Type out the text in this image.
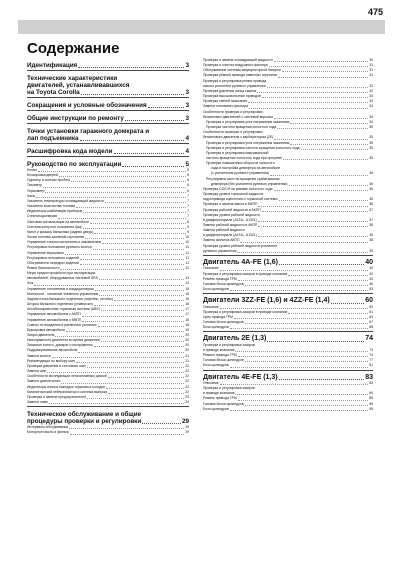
475
Содержание
Идентификация	3
Технические характеристики
двигателей, устанавливавшихся
на Toyota Corolla	3
Сокращения и условные обозначения	3
Общие инструкции по ремонту	3
Точки установки гаражного домкрата и
лап подъемника	4
Расшифровка кода модели	4
Руководство по эксплуатации	5
Ключи	5
Блокировка дверей	6
Одометр и счетчик пробега	6
Тахометр	6
Термометр	6
Часы	7
Указатель температуры охлаждающей жидкости	7
Указатель количества топлива	7
Индикаторы комбинации приборов	7
Стеклоподъемники	7
Световая сигнализация на автомобиле	8
Система контроля положения фар	9
Капот и крышка багажника (задняя дверь)	9
Лючок топливо-заливной горловины	10
Управление стеклоочистителем и омывателем	10
Регулировка положения рулевого колеса	11
Управление зеркалами	11
Регулировка положения сидений	11
Обогреватель передних сидений	11
Ремни безопасности	12
Меры предосторожности при эксплуатации
автомобилей, оборудованных системой SRS	13
Люк	14
Управление отопителем и кондиционером	15
Магнитола - основные элементы управления	15
Задняя полка багажного отделения (лифтбэк, хэтчбэк)	16
Шторка багажного отделения (универсал)	16
Антиблокировочная тормозная система (ABS)	17
Управление автомобилем с АКПП	17
Управление автомобилем с МКПП	18
Советы по вождению в различных условиях	18
Буксировка автомобиля	19
Запуск двигателя	20
Неисправности двигателя во время движения	20
Запасное колесо, домкрат и инструменты	20
Поддомкрачивание автомобиля	20
Замена колеса	21
Рекомендации по выбору шин	21
Проверка давления и состояния шин	22
Замена шин	22
Особенности эксплуатации легкосплавных дисков	22
Замена дисков колес	22
Индикаторы износа накладок тормозных колодок	22
Каталитический нейтрализатор и система выпуска	22
Проверка и замена предохранителей	23
Замена ламп	24
Техническое обслуживание и общие
процедуры проверки и регулировки	29
Интервалы обслуживания	29
Моторное масло и фильтр	29
Проверка и замена охлаждающей жидкости	30
Проверка и очистка воздушного фильтра	31
Обслуживание системы аккумуляторной батареи	31
Проверка ремней привода навесных агрегатов	31
Проверка и регулировка ремня привода
насоса усилителя рулевого управления	32
Проверка давления конца сжатия	32
Проверка высоковольтных проводов	33
Проверка свечей зажигания	33
Замена топливного фильтра	34
Особенности проверки и регулировки
бензиновых двигателей с системой впрыска	34
Проверка и регулировка угла опережения зажигания	34
Проверка частоты вращения холостого хода	35
Особенности проверки и регулировки
бензинового двигателя с карбюратором (2E)	35
Проверка и регулировка угла опережения зажигания	35
Проверка и регулировка частоты вращения холостого хода	35
Проверка и регулировка максимальной
частоты вращения холостого хода при прогреве	35
Проверка повышенных оборотов холостого
хода и настройка демпфера на автомобиле
(с усилителем рулевого управления)	36
Регулировка частоты вращения срабатывания
демпфера (без усилителя рулевого управления)	36
Проверка CO/CH на режиме холостого хода	36
Проверка уровня тормозной жидкости
гидропривода сцепления и тормозной системы	36
Проверка и замена масла в МКПП	36
Проверка рабочей жидкости в АКПП	37
Проверка уровня рабочей жидкости
в дифференциале (A131L, A132L)	37
Замена рабочей жидкости в АКПП	38
Замена рабочей жидкости
в дифференциале (A131L, A132L)	38
Замена фильтра АКПП	38
Проверка уровня рабочей жидкости усилителя
рулевого управления	39
Двигатель 4A-FE (1,6)	40
Описание	40
Проверка и регулировка зазоров в приводе клапанов	40
Ремень привода ГРМ	43
Головка блока цилиндров	46
Блок цилиндров	53
Двигатели 3ZZ-FE (1,6) и 4ZZ-FE (1,4)	60
Описание	60
Проверка и регулировка зазоров в приводе клапанов	61
Цепь привода ГРМ	63
Головка блока цилиндров	67
Блок цилиндров	68
Двигатель 2E (1,3)	74
Проверка и регулировка зазоров
в приводе клапанов	74
Ремень привода ГРМ	74
Головка блока цилиндров	77
Блок цилиндров	81
Двигатель 4E-FE (1,3)	83
Описание	83
Проверка и регулировка зазоров
в приводе клапанов	84
Ремень привода ГРМ	85
Головка блока цилиндров	89
Блок цилиндров	95
